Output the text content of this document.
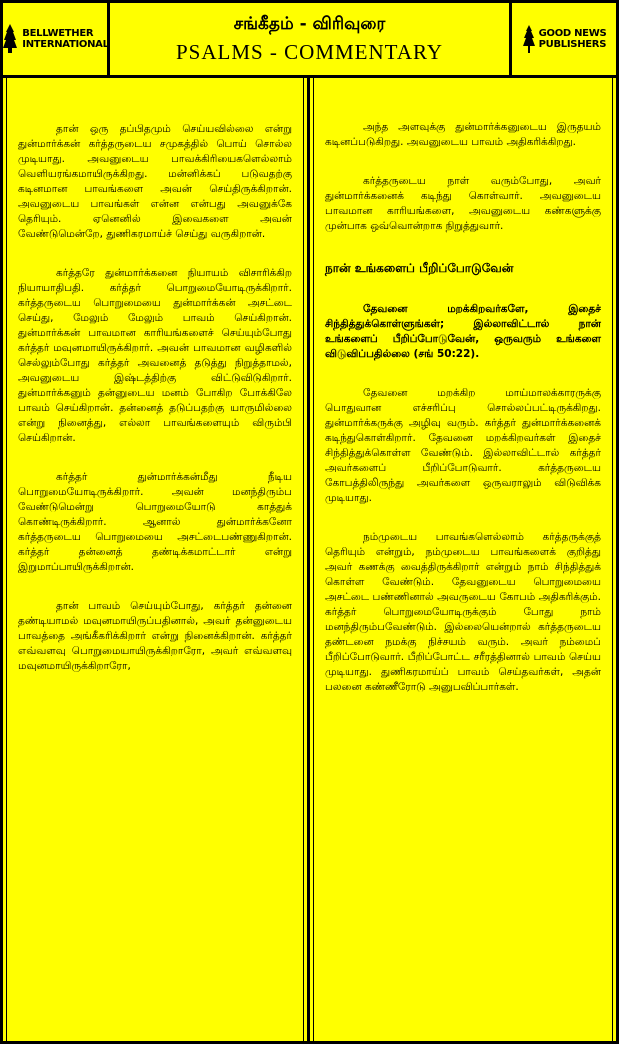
BELLWETHER
INTERNATIONAL
சங்கீதம் - விரிவுரை
PSALMS - COMMENTARY
GOOD NEWS
PUBLISHERS

தான் ஒரு தப்பிதமும் செய்யவில்லை என்று துன்மார்க்கன் கர்த்தருடைய சமுகத்தில் பொய் சொல்ல முடியாது. அவனுடைய பாவக்கிரியைகளெல்லாம் வெளியரங்கமாயிருக்கிறது. மன்னிக்கப் படுவதற்கு கடினமான பாவங்களை அவன் செய்திருக்கிறான். அவனுடைய பாவங்கள் என்ன என்பது அவனுக்கே தெரியும். ஏனெனில் இவைகளை அவன் வேண்டுமென்றே, துணிகரமாய்ச் செய்து வருகிறான்.

கர்த்தரே துன்மார்க்கனை நியாயம் விசாரிக்கிற நியாயாதிபதி. கர்த்தர் பொறுமையோடிருக்கிறார். கர்த்தருடைய பொறுமையை துன்மார்க்கன் அசட்டை செய்து, மேலும் மேலும் பாவம் செய்கிறான். துன்மார்க்கன் பாவமான காரியங்களைச் செய்யும்போது கர்த்தர் மவுனமாயிருக்கிறார். அவன் பாவமான வழிகளில் செல்லும்போது கர்த்தர் அவனைத் தடுத்து நிறுத்தாமல், அவனுடைய இஷ்டத்திற்கு விட்டுவிடுகிறார். துன்மார்க்கனும் தன்னுடைய மனம் போகிற போக்கிலே பாவம் செய்கிறான். தன்னைத் தடுப்பதற்கு யாருமில்லை என்று நினைத்து, எல்லா பாவங்களையும் விரும்பி செய்கிறான்.

கர்த்தர் துன்மார்க்கன்மீது நீடிய பொறுமையோடிருக்கிறார். அவன் மனந்திரும்ப வேண்டுமென்று பொறுமையோடு காத்துக் கொண்டிருக்கிறார். ஆனால் துன்மார்க்கனோ கர்த்தருடைய பொறுமையை அசட்டைபண்ணுகிறான். கர்த்தர் தன்னைத் தண்டிக்கமாட்டார் என்று இறுமாப்பாயிருக்கிறான்.

தான் பாவம் செய்யும்போது, கர்த்தர் தன்னை தண்டியாமல் மவுனமாயிருப்பதினால், அவர் தன்னுடைய பாவத்தை அங்கீகரிக்கிறார் என்று நினைக்கிறான். கர்த்தர் எவ்வளவு பொறுமையாயிருக்கிறாரோ, அவர் எவ்வளவு மவுனமாயிருக்கிறாரோ,

அந்த அளவுக்கு துன்மார்க்கனுடைய இருதயம் கடினப்படுகிறது. அவனுடைய பாவம் அதிகரிக்கிறது.

கர்த்தருடைய நாள் வரும்போது, அவர் துன்மார்க்கனைக் கடிந்து கொள்வார். அவனுடைய பாவமான காரியங்களை, அவனுடைய கண்களுக்கு முன்பாக ஒவ்வொன்றாக நிறுத்துவார்.

நான் உங்களைப் பீறிப்போடுவேன்

தேவனை மறக்கிறவர்களே, இதைச் சிந்தித்துக்கொள்ளுங்கள்; இல்லாவிட்டால் நான் உங்களைப் பீறிப்போடுவேன், ஒருவரும் உங்களை விடுவிப்பதில்லை (சங் 50:22).

தேவனை மறக்கிற மாய்மாலக்காரருக்கு பொதுவான எச்சரிப்பு சொல்லப்பட்டிருக்கிறது. துன்மார்க்கருக்கு அழிவு வரும். கர்த்தர் துன்மார்க்கனைக் கடிந்துகொள்கிறார். தேவனை மறக்கிறவர்கள் இதைச் சிந்தித்துக்கொள்ள வேண்டும். இல்லாவிட்டால் கர்த்தர் அவர்களைப் பீறிப்போடுவார். கர்த்தருடைய கோபத்திலிருந்து அவர்களை ஒருவராலும் விடுவிக்க முடியாது.

நம்முடைய பாவங்களெல்லாம் கர்த்தருக்குத் தெரியும் என்றும், நம்முடைய பாவங்களைக் குறித்து அவர் கணக்கு வைத்திருக்கிறார் என்றும் நாம் சிந்தித்துக் கொள்ள வேண்டும். தேவனுடைய பொறுமையை அசட்டை பண்ணினால் அவருடைய கோபம் அதிகரிக்கும். கர்த்தர் பொறுமையோடிருக்கும் போது நாம் மனந்திரும்பவேண்டும். இல்லையென்றால் கர்த்தருடைய தண்டனை நமக்கு நிச்சயம் வரும். அவர் நம்மைப் பீறிப்போடுவார். பீறிப்போட்ட சரீரத்தினால் பாவம் செய்ய முடியாது. துணிகரமாய்ப் பாவம் செய்தவர்கள், அதன் பலனை கண்ணீரோடு அனுபவிப்பார்கள்.
